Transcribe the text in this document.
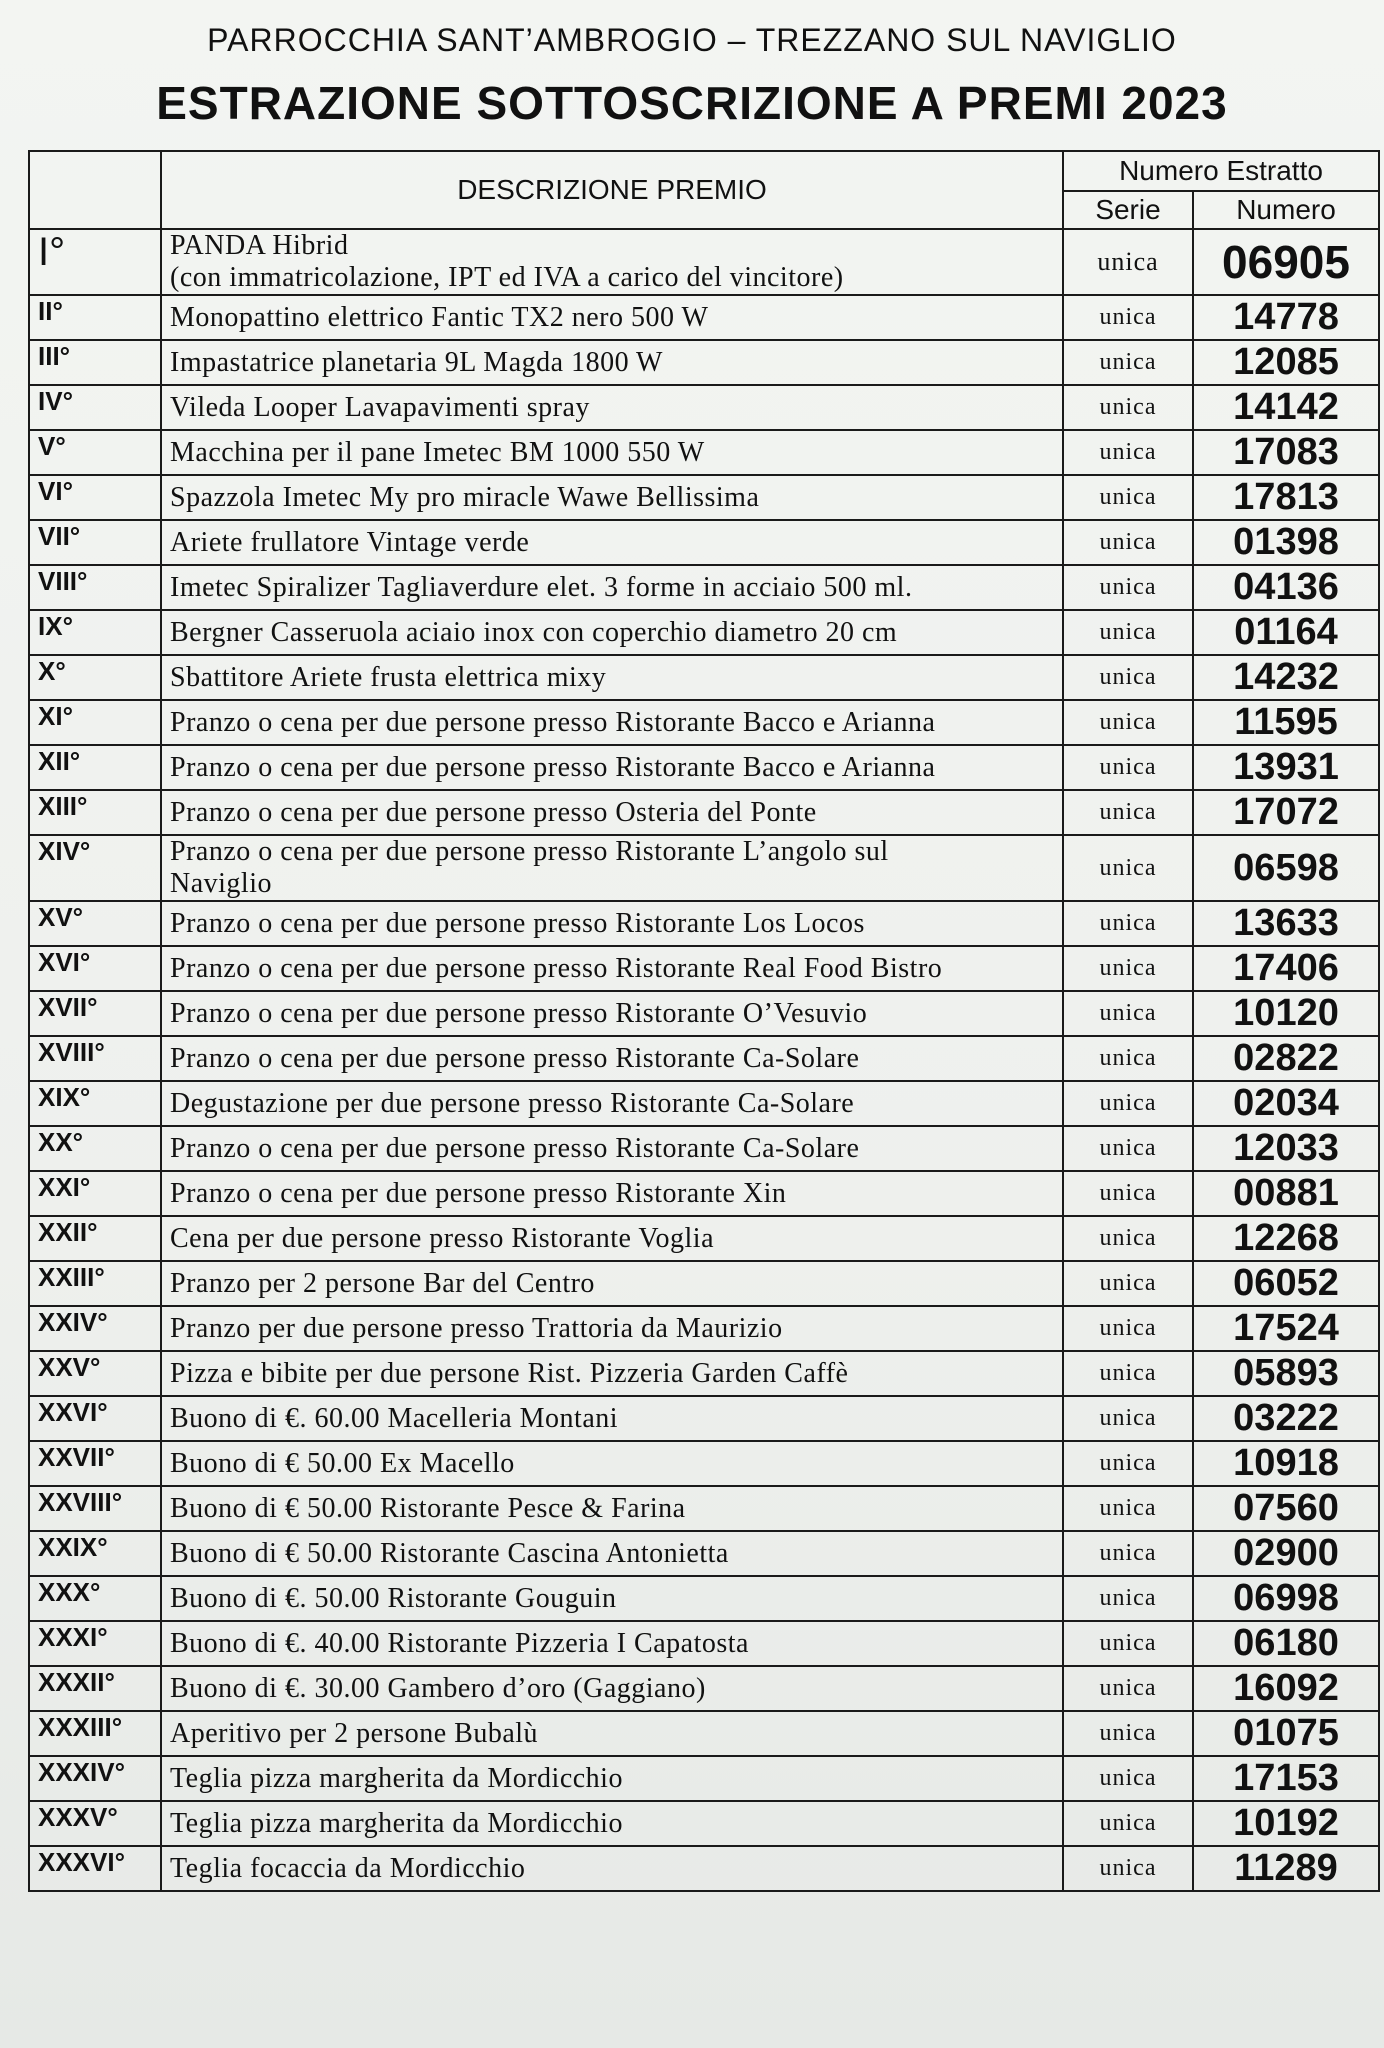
PARROCCHIA SANT’AMBROGIO – TREZZANO SUL NAVIGLIO
ESTRAZIONE SOTTOSCRIZIONE A PREMI 2023
	DESCRIZIONE PREMIO	Numero Estratto	
		Serie	Numero
I°	PANDA Hibrid
(con immatricolazione, IPT ed IVA a carico del vincitore)	unica	06905
II°	Monopattino elettrico Fantic TX2 nero 500 W	unica	14778
III°	Impastatrice planetaria 9L Magda 1800 W	unica	12085
IV°	Vileda Looper Lavapavimenti spray	unica	14142
V°	Macchina per il pane Imetec BM 1000 550 W	unica	17083
VI°	Spazzola Imetec My pro miracle Wawe Bellissima	unica	17813
VII°	Ariete frullatore Vintage verde	unica	01398
VIII°	Imetec Spiralizer Tagliaverdure elet. 3 forme in acciaio 500 ml.	unica	04136
IX°	Bergner Casseruola aciaio inox con coperchio diametro 20 cm	unica	01164
X°	Sbattitore Ariete frusta elettrica mixy	unica	14232
XI°	Pranzo o cena per due persone presso Ristorante Bacco e Arianna	unica	11595
XII°	Pranzo o cena per due persone presso Ristorante Bacco e Arianna	unica	13931
XIII°	Pranzo o cena per due persone presso Osteria del Ponte	unica	17072
XIV°	Pranzo o cena per due persone presso Ristorante L’angolo sul
Naviglio	unica	06598
XV°	Pranzo o cena per due persone presso Ristorante Los Locos	unica	13633
XVI°	Pranzo o cena per due persone presso Ristorante Real Food Bistro	unica	17406
XVII°	Pranzo o cena per due persone presso Ristorante O’Vesuvio	unica	10120
XVIII°	Pranzo o cena per due persone presso Ristorante Ca-Solare	unica	02822
XIX°	Degustazione per due persone presso Ristorante Ca-Solare	unica	02034
XX°	Pranzo o cena per due persone presso Ristorante Ca-Solare	unica	12033
XXI°	Pranzo o cena per due persone presso Ristorante Xin	unica	00881
XXII°	Cena per due persone presso Ristorante Voglia	unica	12268
XXIII°	Pranzo per 2 persone Bar del Centro	unica	06052
XXIV°	Pranzo per due persone presso Trattoria da Maurizio	unica	17524
XXV°	Pizza e bibite per due persone Rist. Pizzeria Garden Caffè	unica	05893
XXVI°	Buono di €. 60.00 Macelleria Montani	unica	03222
XXVII°	Buono di € 50.00 Ex Macello	unica	10918
XXVIII°	Buono di € 50.00 Ristorante Pesce & Farina	unica	07560
XXIX°	Buono di € 50.00 Ristorante Cascina Antonietta	unica	02900
XXX°	Buono di €. 50.00 Ristorante Gouguin	unica	06998
XXXI°	Buono di €. 40.00 Ristorante Pizzeria I Capatosta	unica	06180
XXXII°	Buono di €. 30.00 Gambero d’oro (Gaggiano)	unica	16092
XXXIII°	Aperitivo per 2 persone Bubalù	unica	01075
XXXIV°	Teglia pizza margherita da Mordicchio	unica	17153
XXXV°	Teglia pizza margherita da Mordicchio	unica	10192
XXXVI°	Teglia focaccia da Mordicchio	unica	11289
